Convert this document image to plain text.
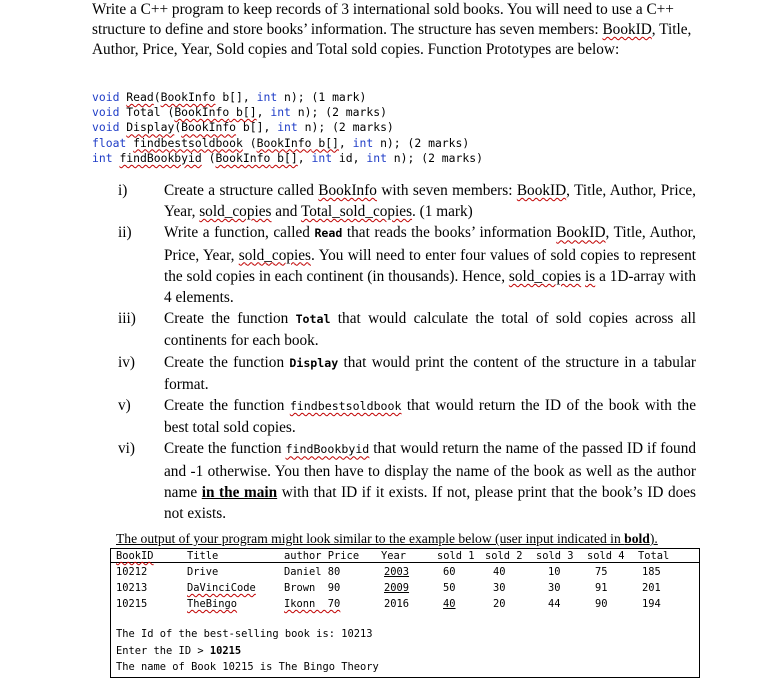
Write a C++ program to keep records of 3 international sold books. You will need to use a C++ structure to define and store books’ information. The structure has seven members: BookID, Title, Author, Price, Year, Sold copies and Total sold copies. Function Prototypes are below:

void Read(BookInfo b[], int n); (1 mark)
void Total (BookInfo b[], int n); (2 marks)
void Display(BookInfo b[], int n); (2 marks)
float findbestsoldbook (BookInfo b[], int n); (2 marks)
int findBookbyid (BookInfo b[], int id, int n); (2 marks)
i)	Create a structure called BookInfo with seven members: BookID, Title, Author, Price, Year, sold_copies and Total_sold_copies. (1 mark)
ii)	Write a function, called Read that reads the books’ information BookID, Title, Author, Price, Year, sold_copies. You will need to enter four values of sold copies to represent the sold copies in each continent (in thousands). Hence, sold_copies is a 1D-array with 4 elements.
iii)	Create the function Total that would calculate the total of sold copies across all continents for each book.
iv)	Create the function Display that would print the content of the structure in a tabular format.
v)	Create the function findbestsoldbook that would return the ID of the book with the best total sold copies.
vi)	Create the function findBookbyid that would return the name of the passed ID if found and -1 otherwise. You then have to display the name of the book as well as the author name in the main with that ID if it exists. If not, please print that the book’s ID does not exists.
The output of your program might look similar to the example below (user input indicated in bold).
BookID	Title	author Price Year	sold 1 sold 2 sold 3 sold 4 Total
10212	Drive	Daniel 80	2003	60	40	10	75	185
10213	DaVinciCode	Brown  90	2009	50	30	30	91	201
10215	TheBingo	Ikonn  70	2016	40	20	44	90	194
The Id of the best-selling book is: 10213
Enter the ID > 10215
The name of Book 10215 is The Bingo Theory
